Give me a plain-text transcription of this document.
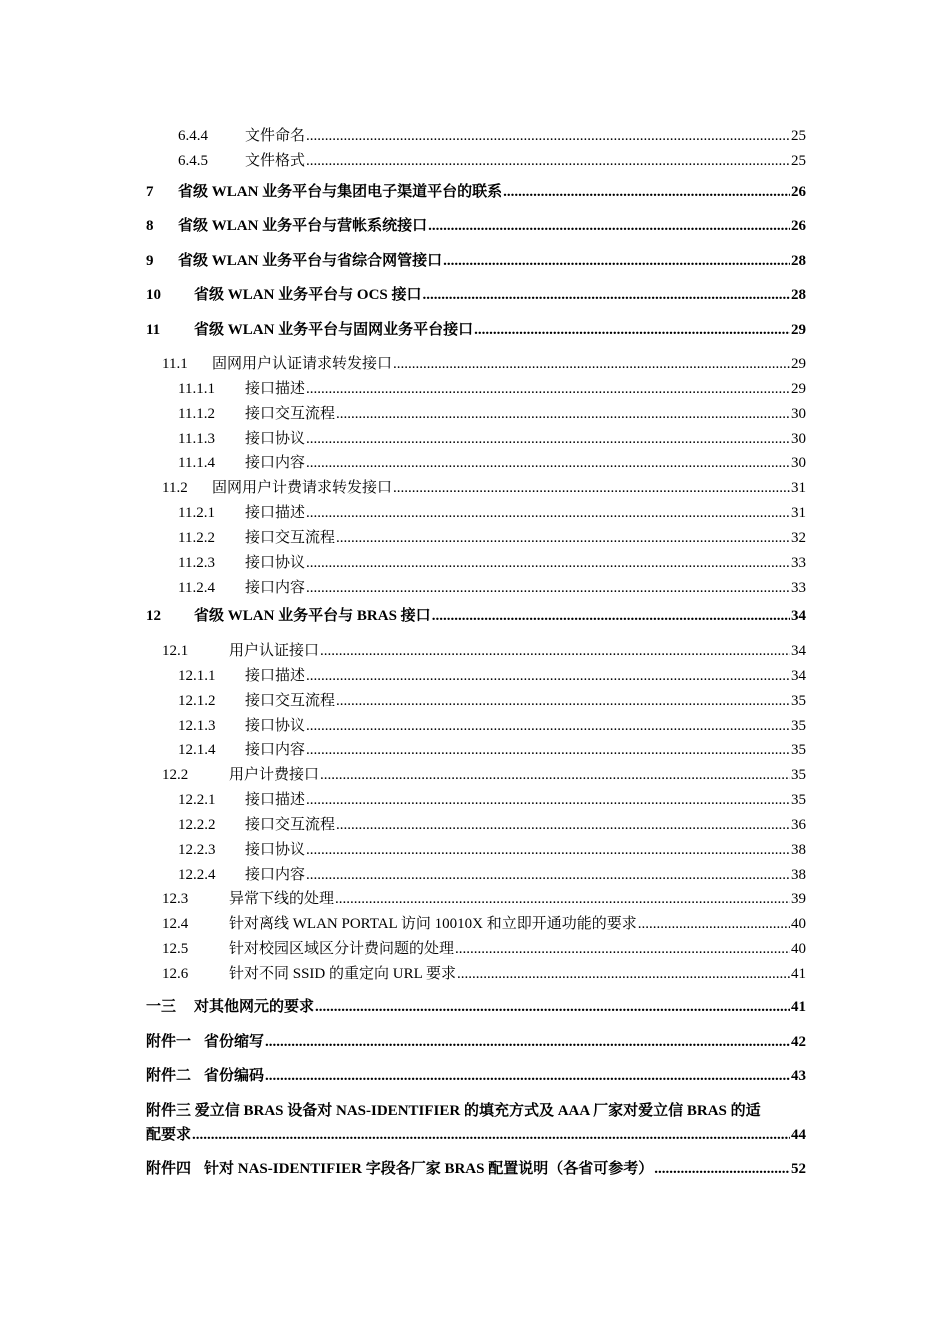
6.4.4	文件命名 .....	25
6.4.5	文件格式 .....	25
7	省级 WLAN 业务平台与集团电子渠道平台的联系 .....	26
8	省级 WLAN 业务平台与营帐系统接口 .....	26
9	省级 WLAN 业务平台与省综合网管接口 .....	28
10	省级 WLAN 业务平台与 OCS 接口 .....	28
11	省级 WLAN 业务平台与固网业务平台接口 .....	29
11.1	固网用户认证请求转发接口 .....	29
11.1.1	接口描述 .....	29
11.1.2	接口交互流程 .....	30
11.1.3	接口协议 .....	30
11.1.4	接口内容 .....	30
11.2	固网用户计费请求转发接口 .....	31
11.2.1	接口描述 .....	31
11.2.2	接口交互流程 .....	32
11.2.3	接口协议 .....	33
11.2.4	接口内容 .....	33
12	省级 WLAN 业务平台与 BRAS 接口 .....	34
12.1	用户认证接口 .....	34
12.1.1	接口描述 .....	34
12.1.2	接口交互流程 .....	35
12.1.3	接口协议 .....	35
12.1.4	接口内容 .....	35
12.2	用户计费接口 .....	35
12.2.1	接口描述 .....	35
12.2.2	接口交互流程 .....	36
12.2.3	接口协议 .....	38
12.2.4	接口内容 .....	38
12.3	异常下线的处理 .....	39
12.4	针对离线 WLAN PORTAL 访问 10010X 和立即开通功能的要求 .....	40
12.5	针对校园区域区分计费问题的处理 .....	40
12.6	针对不同 SSID 的重定向 URL 要求 .....	41
一三	对其他网元的要求 .....	41
附件一 省份缩写 .....	42
附件二 省份编码 .....	43
附件三 爱立信 BRAS 设备对 NAS-IDENTIFIER 的填充方式及 AAA 厂家对爱立信 BRAS 的适
配要求 .....	44
附件四 针对 NAS-IDENTIFIER 字段各厂家 BRAS 配置说明（各省可参考） .....	52
